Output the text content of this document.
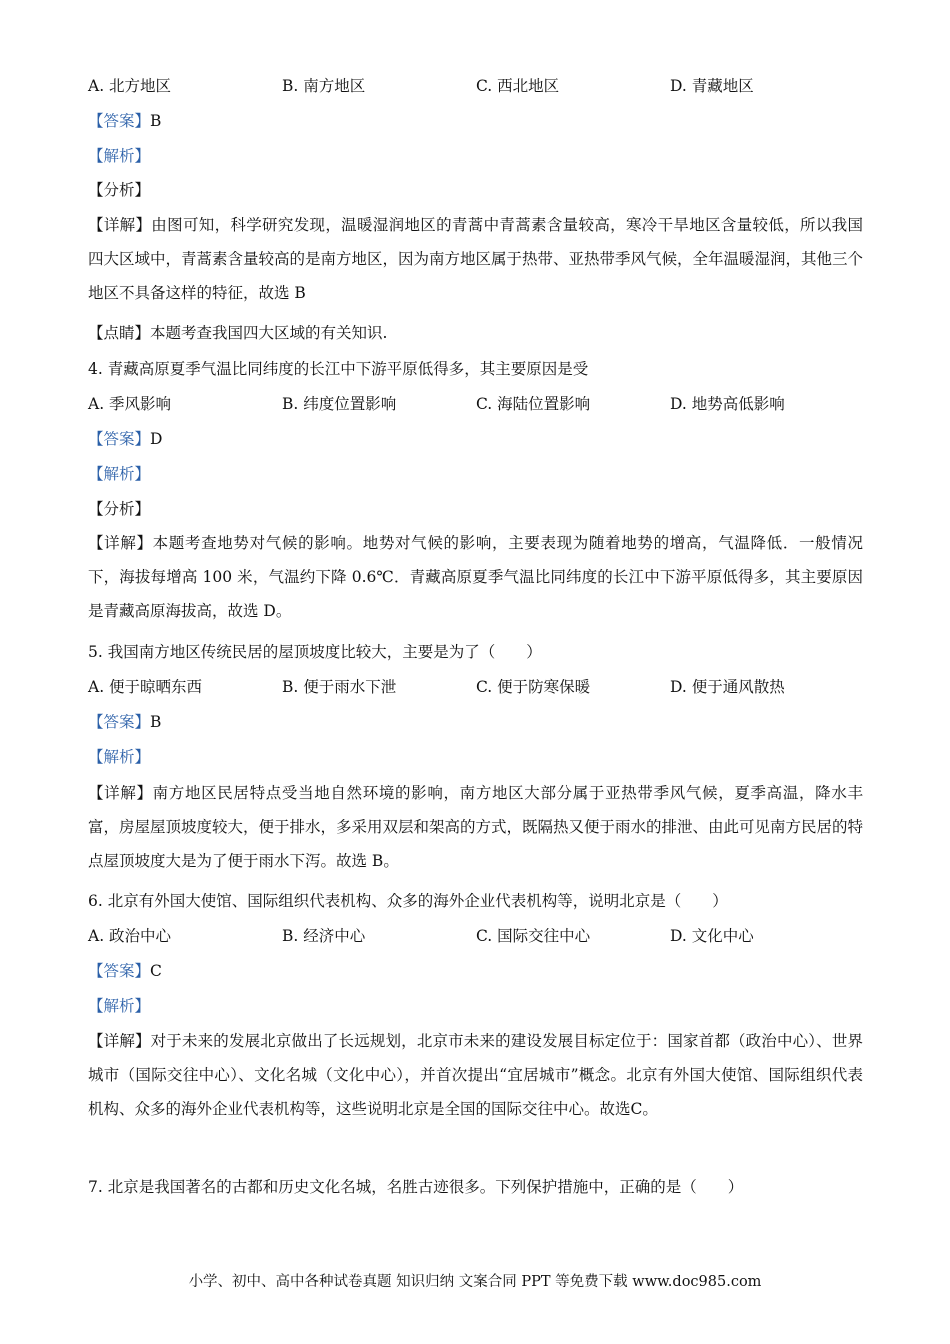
A. 北方地区	B. 南方地区	C. 西北地区	D. 青藏地区
【答案】B
【解析】
【分析】
【详解】由图可知，科学研究发现，温暖湿润地区的青蒿中青蒿素含量较高，寒冷干旱地区含量较低，所以我国四大区域中，青蒿素含量较高的是南方地区，因为南方地区属于热带、亚热带季风气候，全年温暖湿润，其他三个地区不具备这样的特征，故选 B
【点睛】本题考查我国四大区域的有关知识.
4. 青藏高原夏季气温比同纬度的长江中下游平原低得多，其主要原因是受
A. 季风影响	B. 纬度位置影响	C. 海陆位置影响	D. 地势高低影响
【答案】D
【解析】
【分析】
【详解】本题考查地势对气候的影响。地势对气候的影响，主要表现为随着地势的增高，气温降低．一般情况下，海拔每增高 100 米，气温约下降 0.6℃．青藏高原夏季气温比同纬度的长江中下游平原低得多，其主要原因是青藏高原海拔高，故选 D。
5. 我国南方地区传统民居的屋顶坡度比较大，主要是为了（　　）
A. 便于晾晒东西	B. 便于雨水下泄	C. 便于防寒保暖	D. 便于通风散热
【答案】B
【解析】
【详解】南方地区民居特点受当地自然环境的影响，南方地区大部分属于亚热带季风气候，夏季高温，降水丰富，房屋屋顶坡度较大，便于排水，多采用双层和架高的方式，既隔热又便于雨水的排泄、由此可见南方民居的特点屋顶坡度大是为了便于雨水下泻。故选 B。
6. 北京有外国大使馆、国际组织代表机构、众多的海外企业代表机构等，说明北京是（　　）
A. 政治中心	B. 经济中心	C. 国际交往中心	D. 文化中心
【答案】C
【解析】
【详解】对于未来的发展北京做出了长远规划，北京市未来的建设发展目标定位于：国家首都（政治中心）、世界城市（国际交往中心）、文化名城（文化中心），并首次提出“宜居城市”概念。北京有外国大使馆、国际组织代表机构、众多的海外企业代表机构等，这些说明北京是全国的国际交往中心。故选C。
7. 北京是我国著名的古都和历史文化名城，名胜古迹很多。下列保护措施中，正确的是（　　）
小学、初中、高中各种试卷真题 知识归纳 文案合同 PPT 等免费下载 www.doc985.com
